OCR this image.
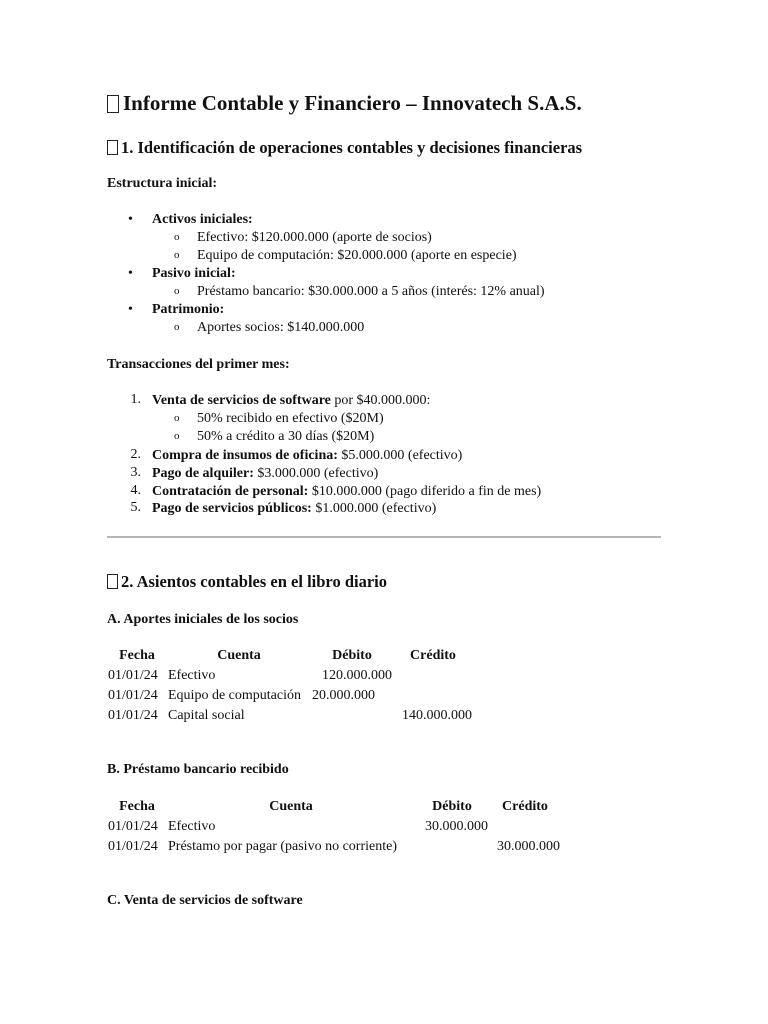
Informe Contable y Financiero – Innovatech S.A.S.
1. Identificación de operaciones contables y decisiones financieras
Estructura inicial:
• Activos iniciales:
o Efectivo: $120.000.000 (aporte de socios)
o Equipo de computación: $20.000.000 (aporte en especie)
• Pasivo inicial:
o Préstamo bancario: $30.000.000 a 5 años (interés: 12% anual)
• Patrimonio:
o Aportes socios: $140.000.000
Transacciones del primer mes:
1. Venta de servicios de software por $40.000.000:
o 50% recibido en efectivo ($20M)
o 50% a crédito a 30 días ($20M)
2. Compra de insumos de oficina: $5.000.000 (efectivo)
3. Pago de alquiler: $3.000.000 (efectivo)
4. Contratación de personal: $10.000.000 (pago diferido a fin de mes)
5. Pago de servicios públicos: $1.000.000 (efectivo)
2. Asientos contables en el libro diario
A. Aportes iniciales de los socios
Fecha	Cuenta	Débito	Crédito
01/01/24	Efectivo	120.000.000	
01/01/24	Equipo de computación	20.000.000	
01/01/24	Capital social		140.000.000
B. Préstamo bancario recibido
Fecha	Cuenta	Débito	Crédito
01/01/24	Efectivo	30.000.000	
01/01/24	Préstamo por pagar (pasivo no corriente)		30.000.000
C. Venta de servicios de software
